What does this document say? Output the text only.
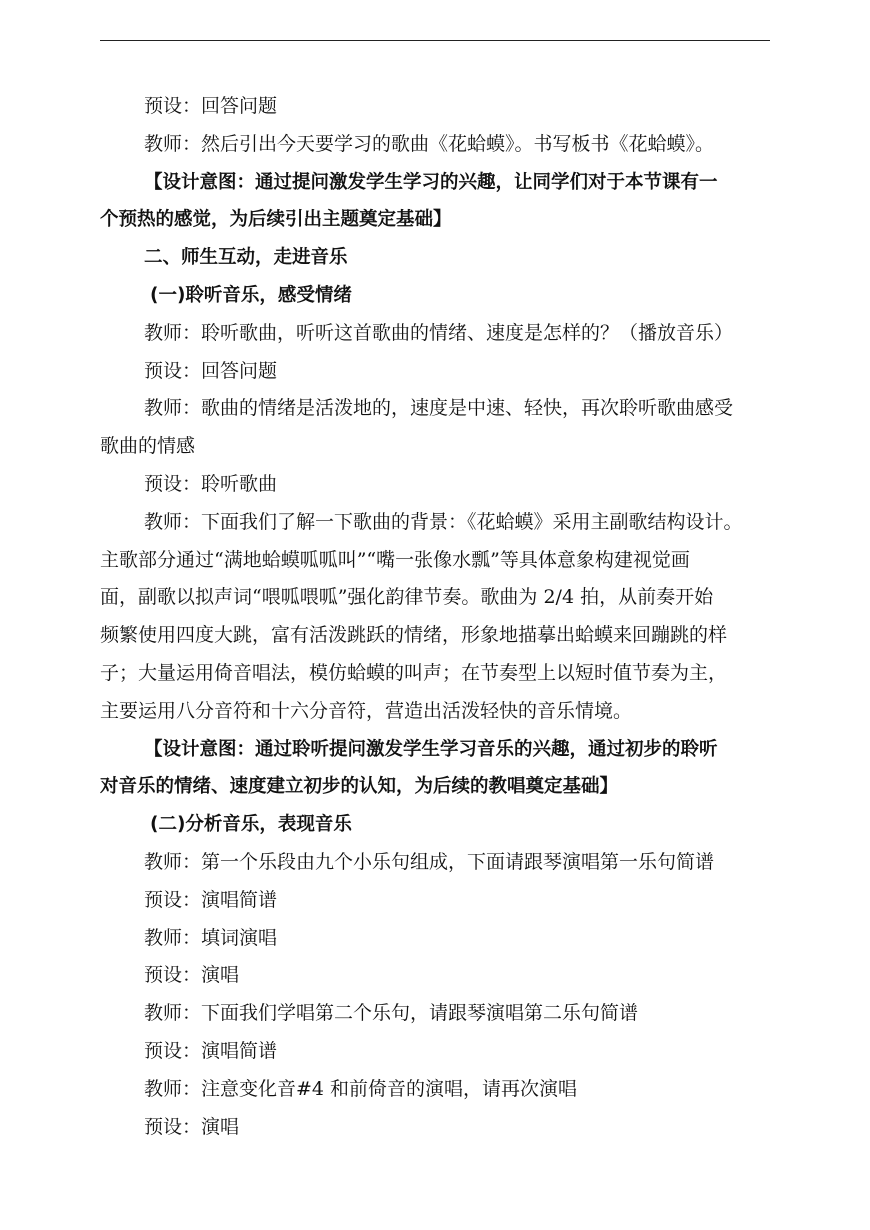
预设：回答问题
教师：然后引出今天要学习的歌曲《花蛤蟆》。书写板书《花蛤蟆》。
【设计意图：通过提问激发学生学习的兴趣，让同学们对于本节课有一
个预热的感觉，为后续引出主题奠定基础】
二、师生互动，走进音乐
(一)聆听音乐，感受情绪
教师：聆听歌曲，听听这首歌曲的情绪、速度是怎样的？（播放音乐）
预设：回答问题
教师：歌曲的情绪是活泼地的，速度是中速、轻快，再次聆听歌曲感受
歌曲的情感
预设：聆听歌曲
教师：下面我们了解一下歌曲的背景：《花蛤蟆》采用主副歌结构设计。
主歌部分通过“满地蛤蟆呱呱叫”“嘴一张像水瓢”等具体意象构建视觉画
面，副歌以拟声词“喂呱喂呱”强化韵律节奏。歌曲为 2/4 拍，从前奏开始
频繁使用四度大跳，富有活泼跳跃的情绪，形象地描摹出蛤蟆来回蹦跳的样
子；大量运用倚音唱法，模仿蛤蟆的叫声；在节奏型上以短时值节奏为主，
主要运用八分音符和十六分音符，营造出活泼轻快的音乐情境。
【设计意图：通过聆听提问激发学生学习音乐的兴趣，通过初步的聆听
对音乐的情绪、速度建立初步的认知，为后续的教唱奠定基础】
(二)分析音乐，表现音乐
教师：第一个乐段由九个小乐句组成，下面请跟琴演唱第一乐句简谱
预设：演唱简谱
教师：填词演唱
预设：演唱
教师：下面我们学唱第二个乐句，请跟琴演唱第二乐句简谱
预设：演唱简谱
教师：注意变化音#4 和前倚音的演唱，请再次演唱
预设：演唱
